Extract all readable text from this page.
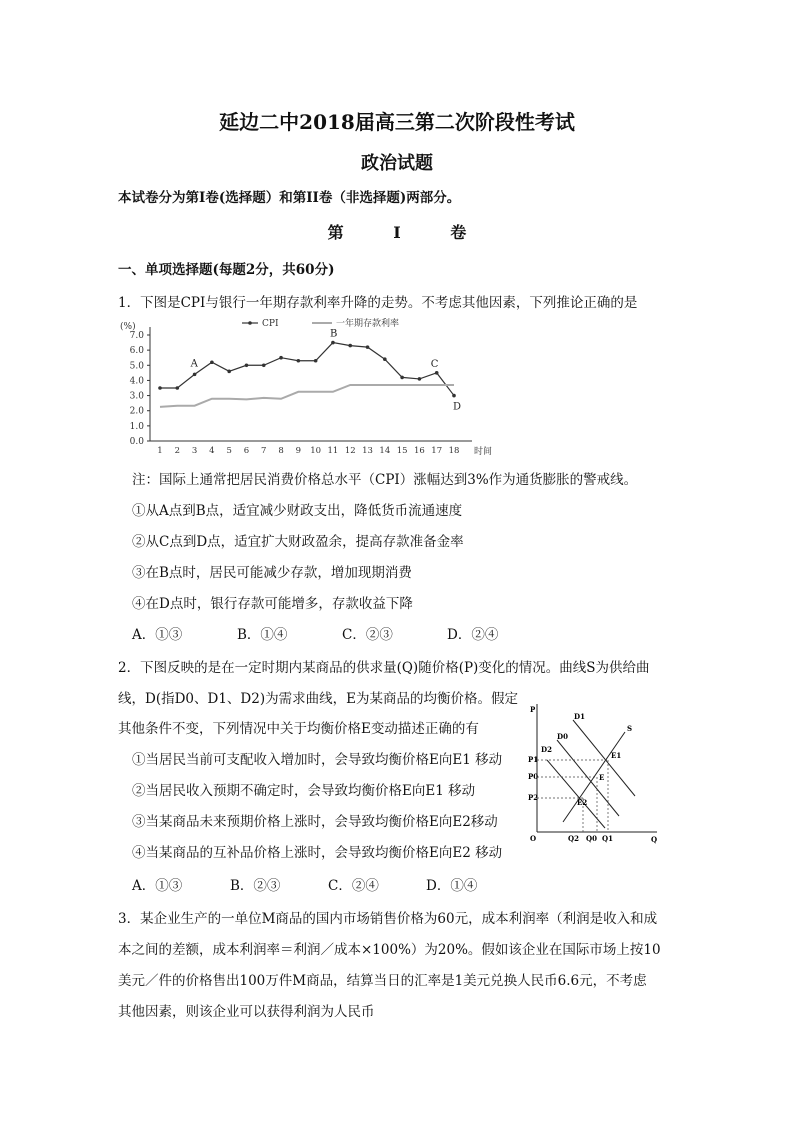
延边二中2018届高三第二次阶段性考试
政治试题
本试卷分为第Ⅰ卷(选择题）和第II卷（非选择题)两部分。
第 I 卷
一、单项选择题(每题2分，共60分)
1．下图是CPI与银行一年期存款利率升降的走势。不考虑其他因素，下列推论正确的是
(%)
时间
0.0
1.0
2.0
3.0
4.0
5.0
6.0
7.0
1 2 3 4 5 6 7 8 9 10 11 12 13 14 15 16 17 18
CPI	一年期存款利率
A
B
C
D
注：国际上通常把居民消费价格总水平（CPI）涨幅达到3%作为通货膨胀的警戒线。
①从A点到B点，适宜减少财政支出，降低货币流通速度
②从C点到D点，适宜扩大财政盈余，提高存款准备金率
③在B点时，居民可能减少存款，增加现期消费
④在D点时，银行存款可能增多，存款收益下降
A．①③	B．①④	C．②③	D．②④
2．下图反映的是在一定时期内某商品的供求量(Q)随价格(P)变化的情况。曲线S为供给曲
线，D(指D0、D1、D2)为需求曲线，E为某商品的均衡价格。假定
其他条件不变，下列情况中关于均衡价格E变动描述正确的有
①当居民当前可支配收入增加时，会导致均衡价格E向E1 移动
②当居民收入预期不确定时，会导致均衡价格E向E1 移动
③当某商品未来预期价格上涨时，会导致均衡价格E向E2移动
④当某商品的互补品价格上涨时，会导致均衡价格E向E2 移动
A．①③	B．②③	C．②④	D．①④
P
Q
O
S
D1
D0
D2
E
E1
E2
P1
P0
P2
Q2 Q0 Q1
3．某企业生产的一单位M商品的国内市场销售价格为60元，成本利润率（利润是收入和成
本之间的差额，成本利润率＝利润／成本×100%）为20%。假如该企业在国际市场上按10
美元／件的价格售出100万件M商品，结算当日的汇率是1美元兑换人民币6.6元，不考虑
其他因素，则该企业可以获得利润为人民币
